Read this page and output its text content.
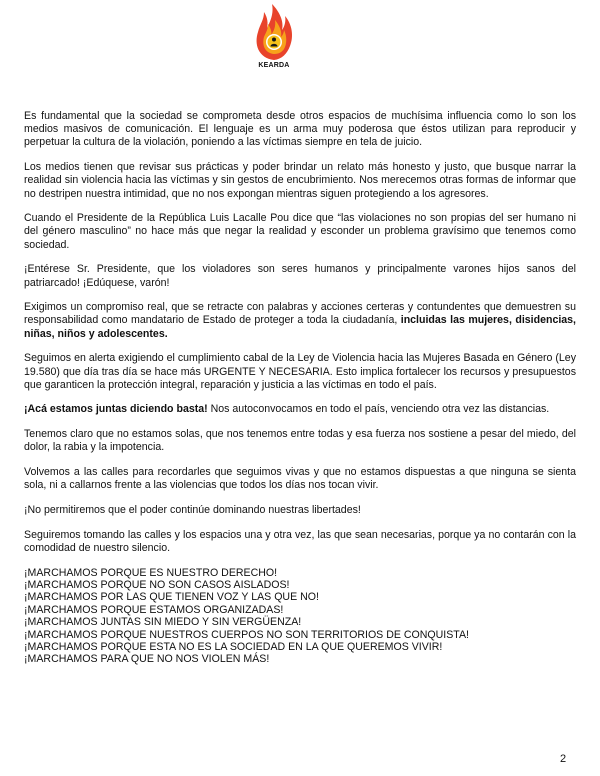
KEARDA

Es fundamental que la sociedad se comprometa desde otros espacios de muchísima influencia como lo son los medios masivos de comunicación. El lenguaje es un arma muy poderosa que éstos utilizan para reproducir y perpetuar la cultura de la violación, poniendo a las víctimas siempre en tela de juicio.

Los medios tienen que revisar sus prácticas y poder brindar un relato más honesto y justo, que busque narrar la realidad sin violencia hacia las víctimas y sin gestos de encubrimiento. Nos merecemos otras formas de informar que no destripen nuestra intimidad, que no nos expongan mientras siguen protegiendo a los agresores.

Cuando el Presidente de la República Luis Lacalle Pou dice que “las violaciones no son propias del ser humano ni del género masculino” no hace más que negar la realidad y esconder un problema gravísimo que tenemos como sociedad.

¡Entérese Sr. Presidente, que los violadores son seres humanos y principalmente varones hijos sanos del patriarcado! ¡Edúquese, varón!

Exigimos un compromiso real, que se retracte con palabras y acciones certeras y contundentes que demuestren su responsabilidad como mandatario de Estado de proteger a toda la ciudadanía, incluidas las mujeres, disidencias, niñas, niños y adolescentes.

Seguimos en alerta exigiendo el cumplimiento cabal de la Ley de Violencia hacia las Mujeres Basada en Género (Ley 19.580) que día tras día se hace más URGENTE Y NECESARIA. Esto implica fortalecer los recursos y presupuestos que garanticen la protección integral, reparación y justicia a las víctimas en todo el país.

¡Acá estamos juntas diciendo basta! Nos autoconvocamos en todo el país, venciendo otra vez las distancias.

Tenemos claro que no estamos solas, que nos tenemos entre todas y esa fuerza nos sostiene a pesar del miedo, del dolor, la rabia y la impotencia.

Volvemos a las calles para recordarles que seguimos vivas y que no estamos dispuestas a que ninguna se sienta sola, ni a callarnos frente a las violencias que todos los días nos tocan vivir.

¡No permitiremos que el poder continúe dominando nuestras libertades!

Seguiremos tomando las calles y los espacios una y otra vez, las que sean necesarias, porque ya no contarán con la comodidad de nuestro silencio.

¡MARCHAMOS PORQUE ES NUESTRO DERECHO!
¡MARCHAMOS PORQUE NO SON CASOS AISLADOS!
¡MARCHAMOS POR LAS QUE TIENEN VOZ Y LAS QUE NO!
¡MARCHAMOS PORQUE ESTAMOS ORGANIZADAS!
¡MARCHAMOS JUNTAS SIN MIEDO Y SIN VERGÜENZA!
¡MARCHAMOS PORQUE NUESTROS CUERPOS NO SON TERRITORIOS DE CONQUISTA!
¡MARCHAMOS PORQUE ESTA NO ES LA SOCIEDAD EN LA QUE QUEREMOS VIVIR!
¡MARCHAMOS PARA QUE NO NOS VIOLEN MÁS!
2
